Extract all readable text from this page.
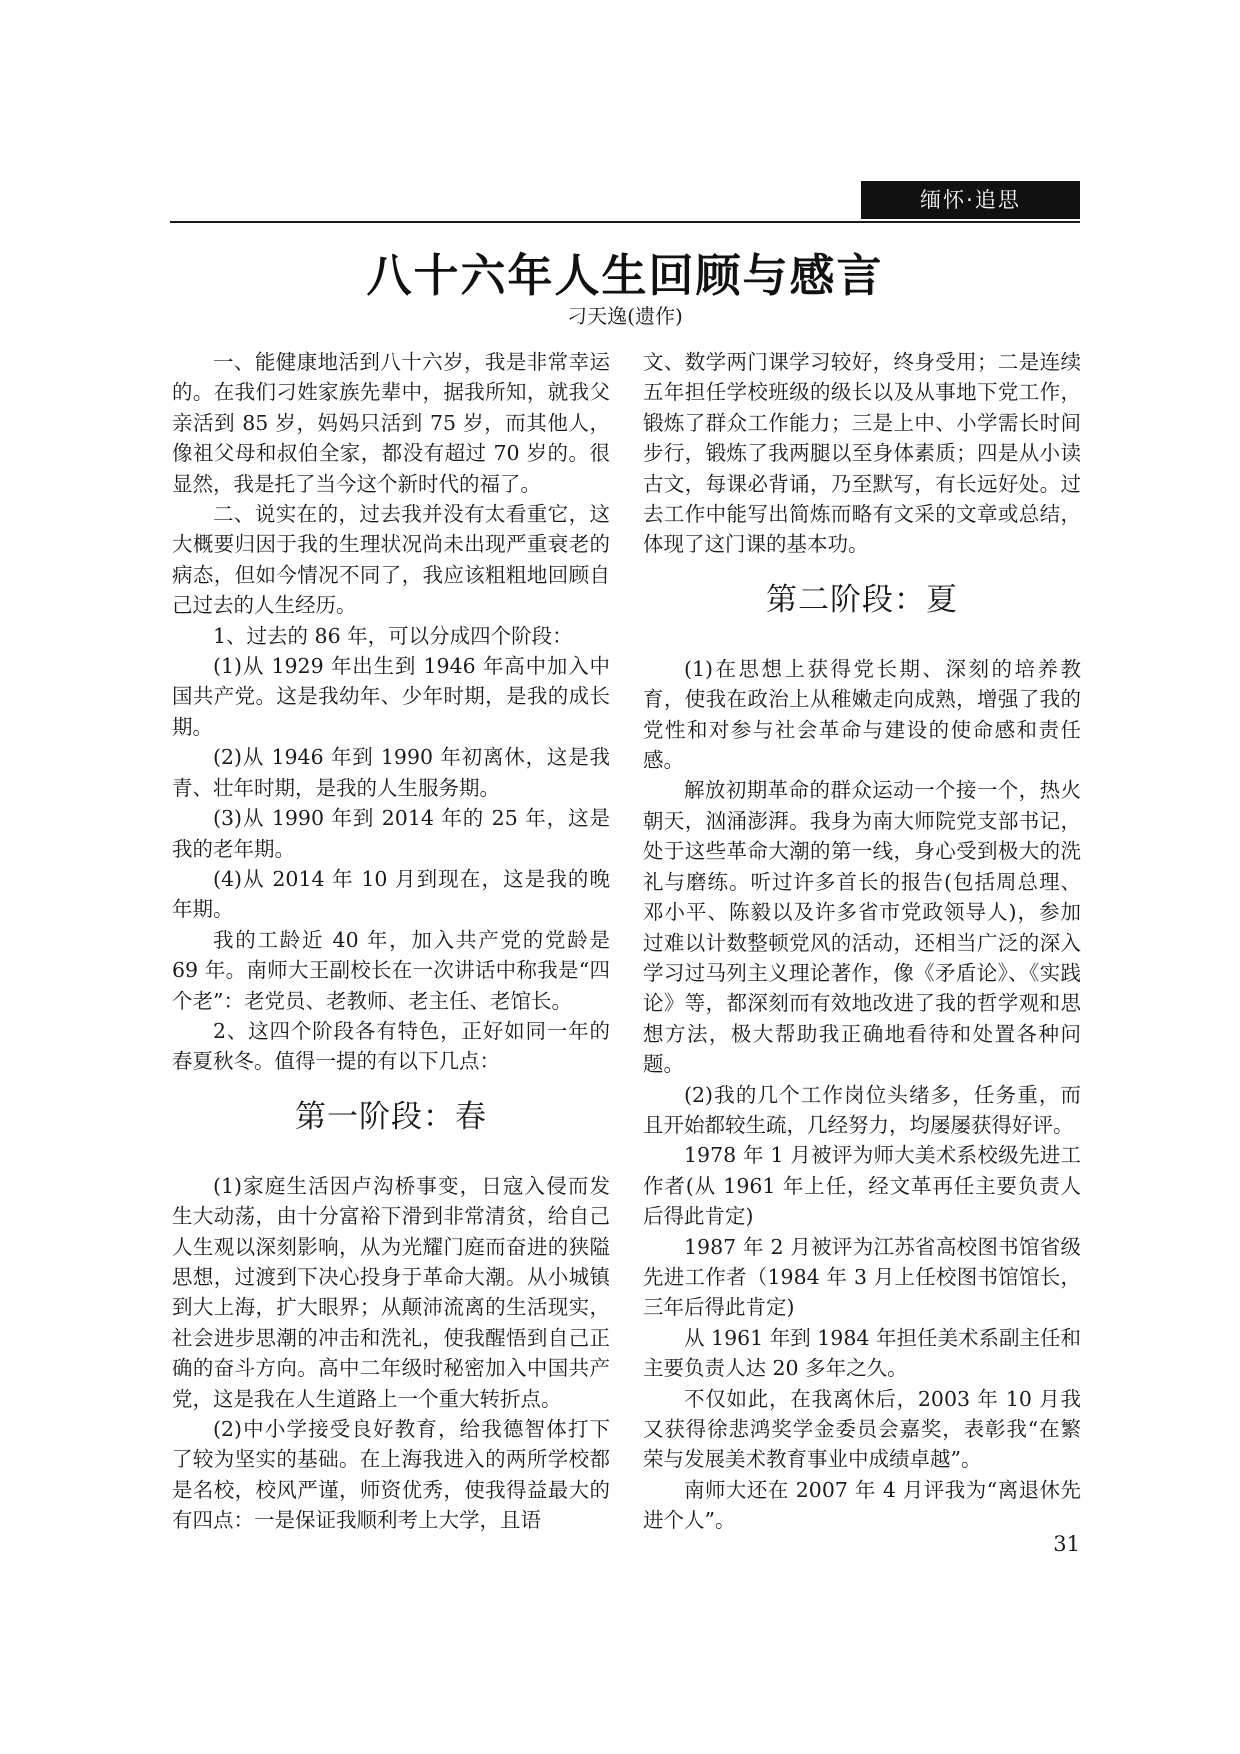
缅怀·追思
八十六年人生回顾与感言
刁天逸(遗作)

一、能健康地活到八十六岁，我是非常幸运的。在我们刁姓家族先辈中，据我所知，就我父亲活到 85 岁，妈妈只活到 75 岁，而其他人，像祖父母和叔伯全家，都没有超过 70 岁的。很显然，我是托了当今这个新时代的福了。

二、说实在的，过去我并没有太看重它，这大概要归因于我的生理状况尚未出现严重衰老的病态，但如今情况不同了，我应该粗粗地回顾自己过去的人生经历。

1、过去的 86 年，可以分成四个阶段：

(1)从 1929 年出生到 1946 年高中加入中国共产党。这是我幼年、少年时期，是我的成长期。

(2)从 1946 年到 1990 年初离休，这是我青、壮年时期，是我的人生服务期。

(3)从 1990 年到 2014 年的 25 年，这是我的老年期。

(4)从 2014 年 10 月到现在，这是我的晚年期。

我的工龄近 40 年，加入共产党的党龄是 69 年。南师大王副校长在一次讲话中称我是“四个老”：老党员、老教师、老主任、老馆长。

2、这四个阶段各有特色，正好如同一年的春夏秋冬。值得一提的有以下几点：

第一阶段：春

(1)家庭生活因卢沟桥事变，日寇入侵而发生大动荡，由十分富裕下滑到非常清贫，给自己人生观以深刻影响，从为光耀门庭而奋进的狭隘思想，过渡到下决心投身于革命大潮。从小城镇到大上海，扩大眼界；从颠沛流离的生活现实，社会进步思潮的冲击和洗礼，使我醒悟到自己正确的奋斗方向。高中二年级时秘密加入中国共产党，这是我在人生道路上一个重大转折点。

(2)中小学接受良好教育，给我德智体打下了较为坚实的基础。在上海我进入的两所学校都是名校，校风严谨，师资优秀，使我得益最大的有四点：一是保证我顺利考上大学，且语

文、数学两门课学习较好，终身受用；二是连续五年担任学校班级的级长以及从事地下党工作，锻炼了群众工作能力；三是上中、小学需长时间步行，锻炼了我两腿以至身体素质；四是从小读古文，每课必背诵，乃至默写，有长远好处。过去工作中能写出简炼而略有文采的文章或总结，体现了这门课的基本功。

第二阶段：夏

(1)在思想上获得党长期、深刻的培养教育，使我在政治上从稚嫩走向成熟，增强了我的党性和对参与社会革命与建设的使命感和责任感。

解放初期革命的群众运动一个接一个，热火朝天，汹涌澎湃。我身为南大师院党支部书记，处于这些革命大潮的第一线，身心受到极大的洗礼与磨练。听过许多首长的报告(包括周总理、邓小平、陈毅以及许多省市党政领导人)，参加过难以计数整顿党风的活动，还相当广泛的深入学习过马列主义理论著作，像《矛盾论》、《实践论》等，都深刻而有效地改进了我的哲学观和思想方法，极大帮助我正确地看待和处置各种问题。

(2)我的几个工作岗位头绪多，任务重，而且开始都较生疏，几经努力，均屡屡获得好评。

1978 年 1 月被评为师大美术系校级先进工作者(从 1961 年上任，经文革再任主要负责人后得此肯定)

1987 年 2 月被评为江苏省高校图书馆省级先进工作者（1984 年 3 月上任校图书馆馆长，三年后得此肯定)

从 1961 年到 1984 年担任美术系副主任和主要负责人达 20 多年之久。

不仅如此，在我离休后，2003 年 10 月我又获得徐悲鸿奖学金委员会嘉奖，表彰我“在繁荣与发展美术教育事业中成绩卓越”。

南师大还在 2007 年 4 月评我为“离退休先进个人”。

31
